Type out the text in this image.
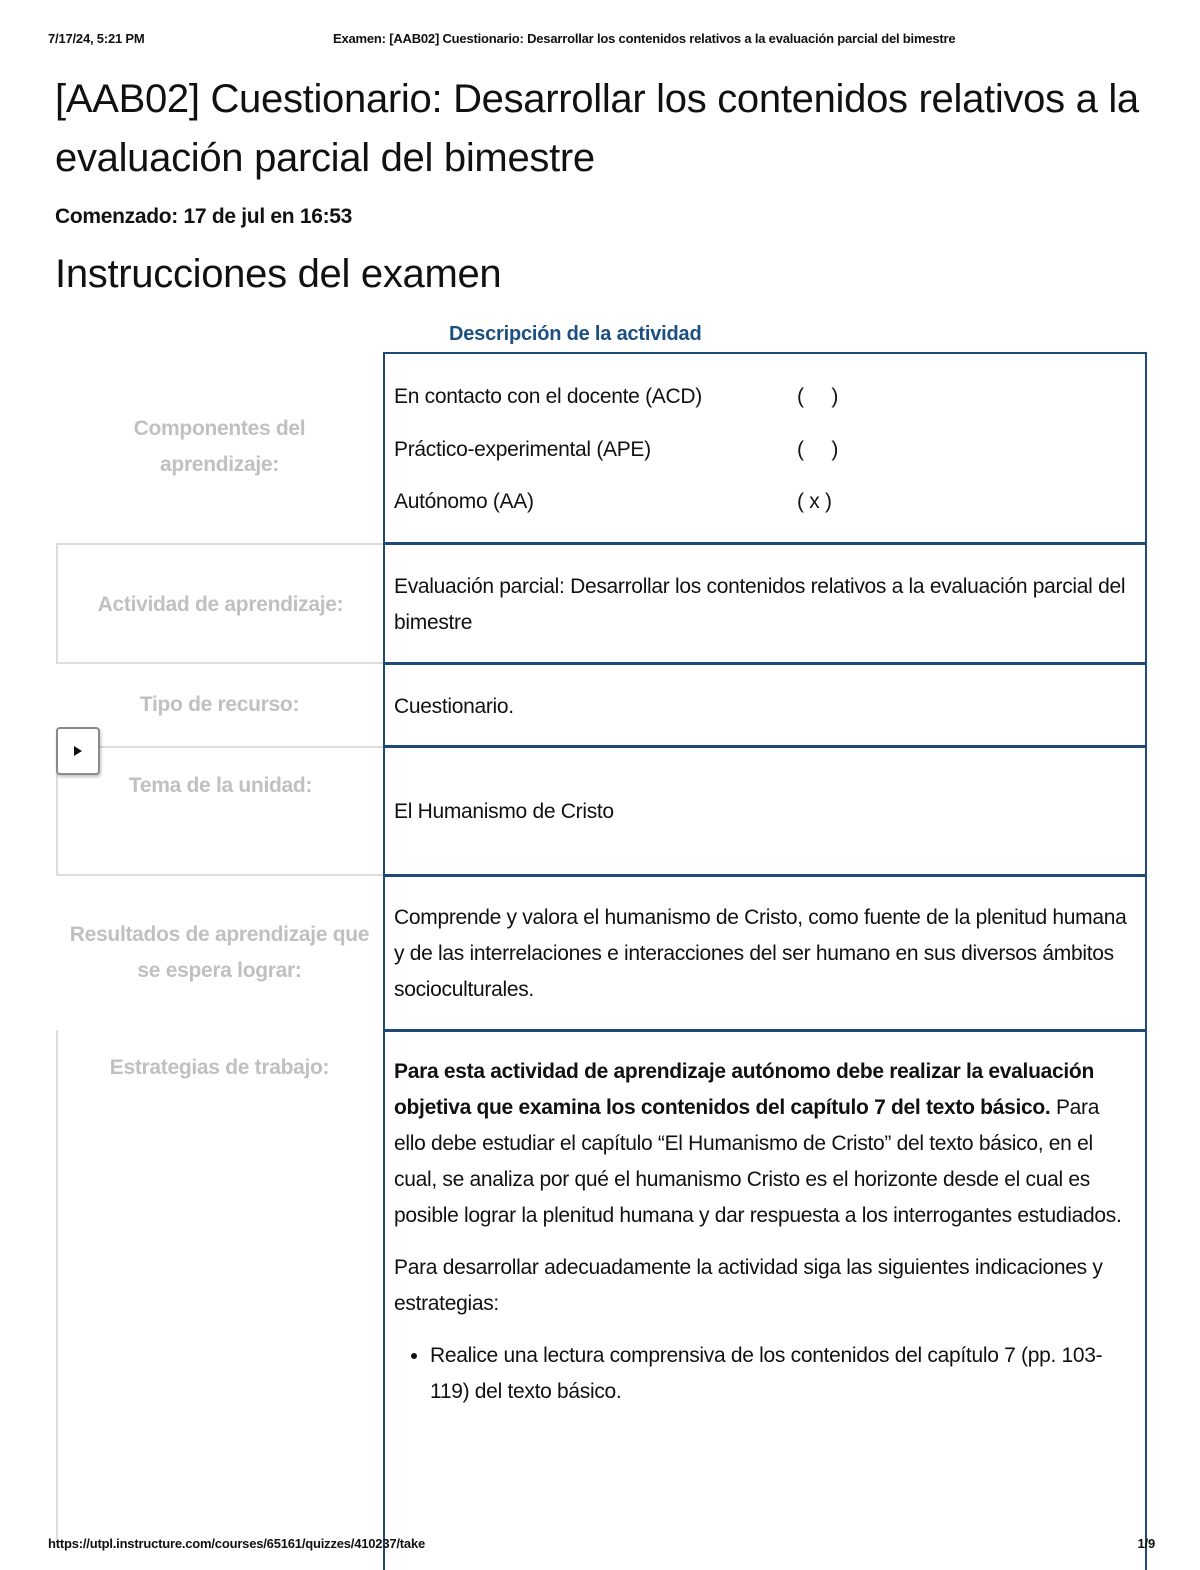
7/17/24, 5:21 PM	Examen: [AAB02] Cuestionario: Desarrollar los contenidos relativos a la evaluación parcial del bimestre
[AAB02] Cuestionario: Desarrollar los contenidos relativos a la evaluación parcial del bimestre
Comenzado: 17 de jul en 16:53
Instrucciones del examen
Descripción de la actividad
Componentes del aprendizaje:
En contacto con el docente (ACD)	(     )
Práctico-experimental (APE)	(     )
Autónomo (AA)	( x )
Actividad de aprendizaje:
Evaluación parcial: Desarrollar los contenidos relativos a la evaluación parcial del bimestre
Tipo de recurso:	Cuestionario.
Tema de la unidad:
El Humanismo de Cristo
Resultados de aprendizaje que se espera lograr:
Comprende y valora el humanismo de Cristo, como fuente de la plenitud humana y de las interrelaciones e interacciones del ser humano en sus diversos ámbitos socioculturales.
Estrategias de trabajo:	Para esta actividad de aprendizaje autónomo debe realizar la evaluación objetiva que examina los contenidos del capítulo 7 del texto básico. Para ello debe estudiar el capítulo “El Humanismo de Cristo” del texto básico, en el cual, se analiza por qué el humanismo Cristo es el horizonte desde el cual es posible lograr la plenitud humana y dar respuesta a los interrogantes estudiados.

Para desarrollar adecuadamente la actividad siga las siguientes indicaciones y estrategias:

• Realice una lectura comprensiva de los contenidos del capítulo 7 (pp. 103-119) del texto básico.
https://utpl.instructure.com/courses/65161/quizzes/410237/take	1/9
